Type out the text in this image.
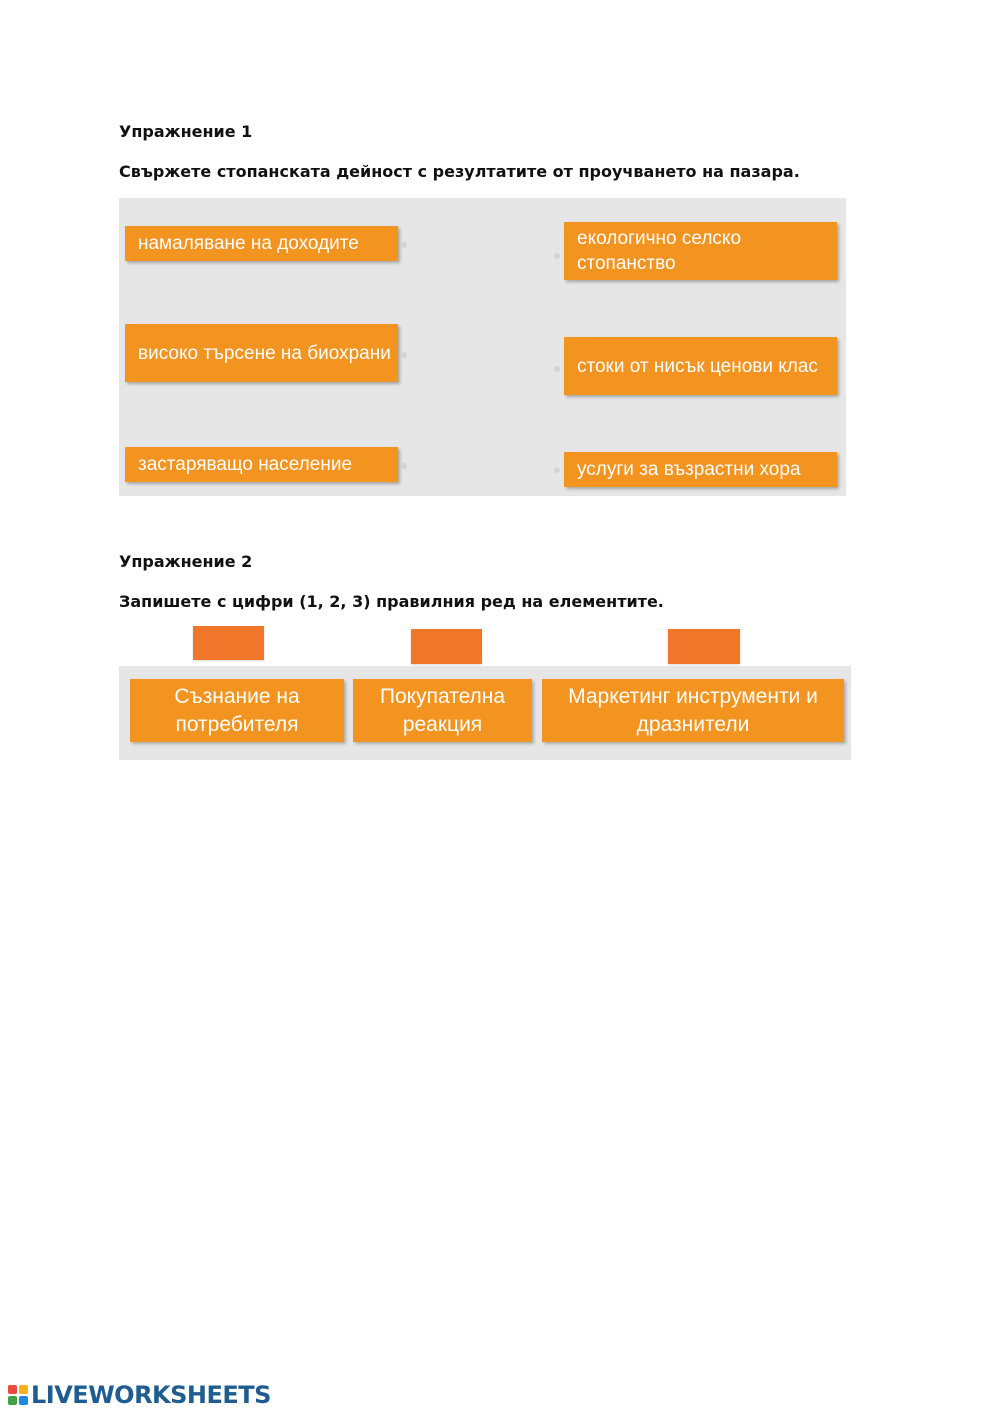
Упражнение 1

Свържете стопанската дейност с резултатите от проучването на пазара.

намаляване на доходите
високо търсене на биохрани
застаряващо население
екологично селско стопанство
стоки от нисък ценови клас
услуги за възрастни хора

Упражнение 2

Запишете с цифри (1, 2, 3) правилния ред на елементите.

Съзнание на потребителя
Покупателна реакция
Маркетинг инструменти и дразнители
LIVEWORKSHEETS
